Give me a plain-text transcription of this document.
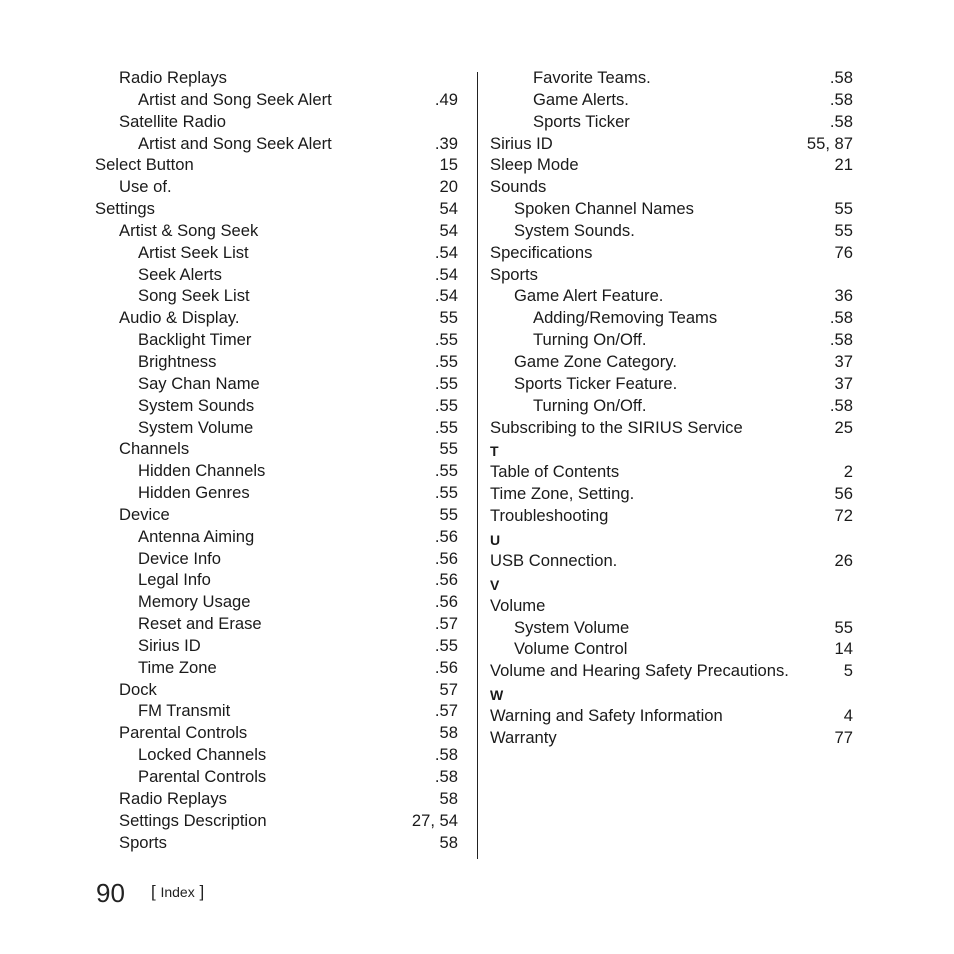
Radio Replays
Artist and Song Seek Alert	.49
Satellite Radio
Artist and Song Seek Alert	.39
Select Button	15
Use of.	20
Settings	54
Artist & Song Seek	54
Artist Seek List	.54
Seek Alerts	.54
Song Seek List	.54
Audio & Display.	55
Backlight Timer	.55
Brightness	.55
Say Chan Name	.55
System Sounds	.55
System Volume	.55
Channels	55
Hidden Channels	.55
Hidden Genres	.55
Device	55
Antenna Aiming	.56
Device Info	.56
Legal Info	.56
Memory Usage	.56
Reset and Erase	.57
Sirius ID	.55
Time Zone	.56
Dock	57
FM Transmit	.57
Parental Controls	58
Locked Channels	.58
Parental Controls	.58
Radio Replays	58
Settings Description	27, 54
Sports	58
Favorite Teams.	.58
Game Alerts.	.58
Sports Ticker	.58
Sirius ID	55, 87
Sleep Mode	21
Sounds
Spoken Channel Names	55
System Sounds.	55
Specifications	76
Sports
Game Alert Feature.	36
Adding/Removing Teams	.58
Turning On/Off.	.58
Game Zone Category.	37
Sports Ticker Feature.	37
Turning On/Off.	.58
Subscribing to the SIRIUS Service	25
T
Table of Contents	2
Time Zone, Setting.	56
Troubleshooting	72
U
USB Connection.	26
V
Volume
System Volume	55
Volume Control	14
Volume and Hearing Safety Precautions.	5
W
Warning and Safety Information	4
Warranty	77
90 [ Index ]
